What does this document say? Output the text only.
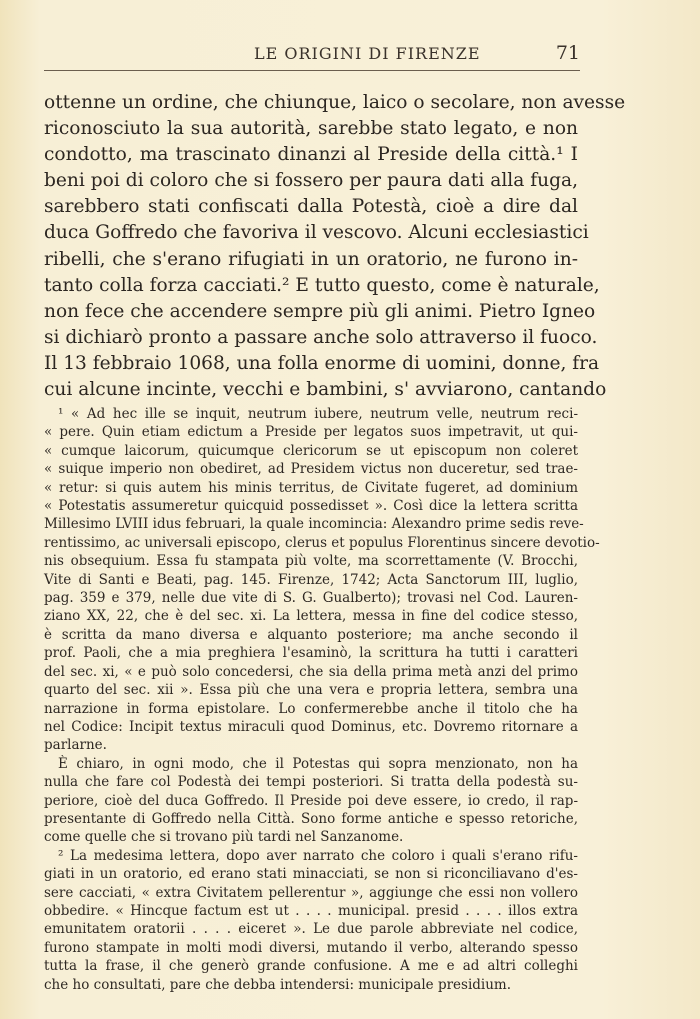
LE ORIGINI DI FIRENZE	71
ottenne un ordine, che chiunque, laico o secolare, non avesse
riconosciuto la sua autorità, sarebbe stato legato, e non
condotto, ma trascinato dinanzi al Preside della città.¹ I
beni poi di coloro che si fossero per paura dati alla fuga,
sarebbero stati confiscati dalla Potestà, cioè a dire dal
duca Goffredo che favoriva il vescovo. Alcuni ecclesiastici
ribelli, che s'erano rifugiati in un oratorio, ne furono in-
tanto colla forza cacciati.² E tutto questo, come è naturale,
non fece che accendere sempre più gli animi. Pietro Igneo
si dichiarò pronto a passare anche solo attraverso il fuoco.
Il 13 febbraio 1068, una folla enorme di uomini, donne, fra
cui alcune incinte, vecchi e bambini, s' avviarono, cantando
¹ « Ad hec ille se inquit, neutrum iubere, neutrum velle, neutrum reci-
« pere. Quin etiam edictum a Preside per legatos suos impetravit, ut qui-
« cumque laicorum, quicumque clericorum se ut episcopum non coleret
« suique imperio non obediret, ad Presidem victus non duceretur, sed trae-
« retur: si quis autem his minis territus, de Civitate fugeret, ad dominium
« Potestatis assumeretur quicquid possedisset ». Così dice la lettera scritta
Millesimo LVIII idus februari, la quale incomincia: Alexandro prime sedis reve-
rentissimo, ac universali episcopo, clerus et populus Florentinus sincere devotio-
nis obsequium. Essa fu stampata più volte, ma scorrettamente (V. Brocchi,
Vite di Santi e Beati, pag. 145. Firenze, 1742; Acta Sanctorum III, luglio,
pag. 359 e 379, nelle due vite di S. G. Gualberto); trovasi nel Cod. Lauren-
ziano XX, 22, che è del sec. xi. La lettera, messa in fine del codice stesso,
è scritta da mano diversa e alquanto posteriore; ma anche secondo il
prof. Paoli, che a mia preghiera l'esaminò, la scrittura ha tutti i caratteri
del sec. xi, « e può solo concedersi, che sia della prima metà anzi del primo
quarto del sec. xii ». Essa più che una vera e propria lettera, sembra una
narrazione in forma epistolare. Lo confermerebbe anche il titolo che ha
nel Codice: Incipit textus miraculi quod Dominus, etc. Dovremo ritornare a
parlarne.
È chiaro, in ogni modo, che il Potestas qui sopra menzionato, non ha
nulla che fare col Podestà dei tempi posteriori. Si tratta della podestà su-
periore, cioè del duca Goffredo. Il Preside poi deve essere, io credo, il rap-
presentante di Goffredo nella Città. Sono forme antiche e spesso retoriche,
come quelle che si trovano più tardi nel Sanzanome.
² La medesima lettera, dopo aver narrato che coloro i quali s'erano rifu-
giati in un oratorio, ed erano stati minacciati, se non si riconciliavano d'es-
sere cacciati, « extra Civitatem pellerentur », aggiunge che essi non vollero
obbedire. « Hincque factum est ut . . . . municipal. presid . . . . illos extra
emunitatem oratorii . . . . eiceret ». Le due parole abbreviate nel codice,
furono stampate in molti modi diversi, mutando il verbo, alterando spesso
tutta la frase, il che generò grande confusione. A me e ad altri colleghi
che ho consultati, pare che debba intendersi: municipale presidium.
